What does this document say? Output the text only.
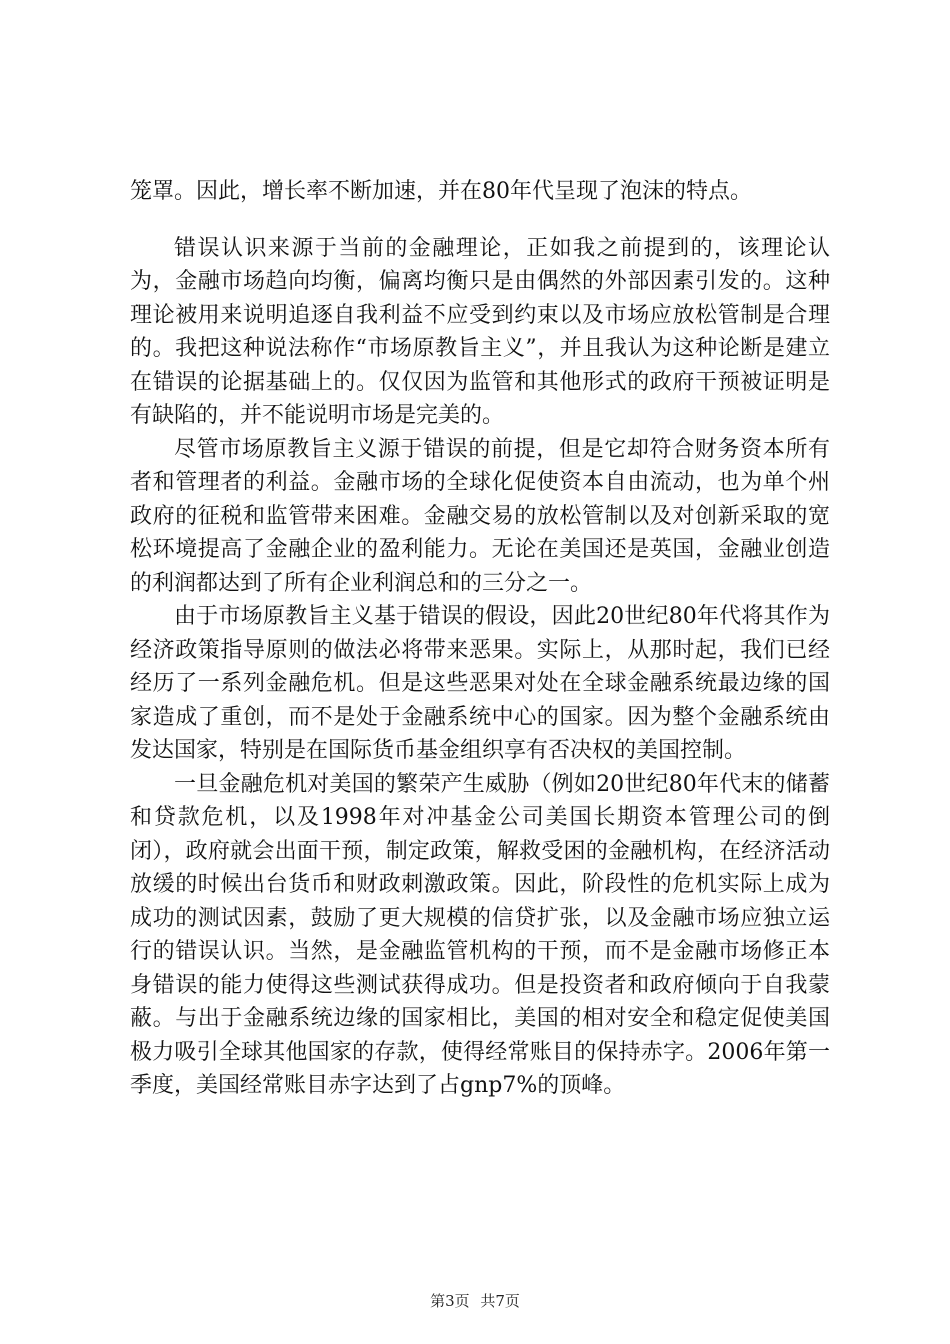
笼罩。因此，增长率不断加速，并在80年代呈现了泡沫的特点。

错误认识来源于当前的金融理论，正如我之前提到的，该理论认为，金融市场趋向均衡，偏离均衡只是由偶然的外部因素引发的。这种理论被用来说明追逐自我利益不应受到约束以及市场应放松管制是合理的。我把这种说法称作“市场原教旨主义”，并且我认为这种论断是建立在错误的论据基础上的。仅仅因为监管和其他形式的政府干预被证明是有缺陷的，并不能说明市场是完美的。

尽管市场原教旨主义源于错误的前提，但是它却符合财务资本所有者和管理者的利益。金融市场的全球化促使资本自由流动，也为单个州政府的征税和监管带来困难。金融交易的放松管制以及对创新采取的宽松环境提高了金融企业的盈利能力。无论在美国还是英国，金融业创造的利润都达到了所有企业利润总和的三分之一。

由于市场原教旨主义基于错误的假设，因此20世纪80年代将其作为经济政策指导原则的做法必将带来恶果。实际上，从那时起，我们已经经历了一系列金融危机。但是这些恶果对处在全球金融系统最边缘的国家造成了重创，而不是处于金融系统中心的国家。因为整个金融系统由发达国家，特别是在国际货币基金组织享有否决权的美国控制。

一旦金融危机对美国的繁荣产生威胁（例如20世纪80年代末的储蓄和贷款危机，以及1998年对冲基金公司美国长期资本管理公司的倒闭），政府就会出面干预，制定政策，解救受困的金融机构，在经济活动放缓的时候出台货币和财政刺激政策。因此，阶段性的危机实际上成为成功的测试因素，鼓励了更大规模的信贷扩张，以及金融市场应独立运行的错误认识。当然，是金融监管机构的干预，而不是金融市场修正本身错误的能力使得这些测试获得成功。但是投资者和政府倾向于自我蒙蔽。与出于金融系统边缘的国家相比，美国的相对安全和稳定促使美国极力吸引全球其他国家的存款，使得经常账目的保持赤字。2006年第一季度，美国经常账目赤字达到了占gnp7%的顶峰。

第3页 共7页
